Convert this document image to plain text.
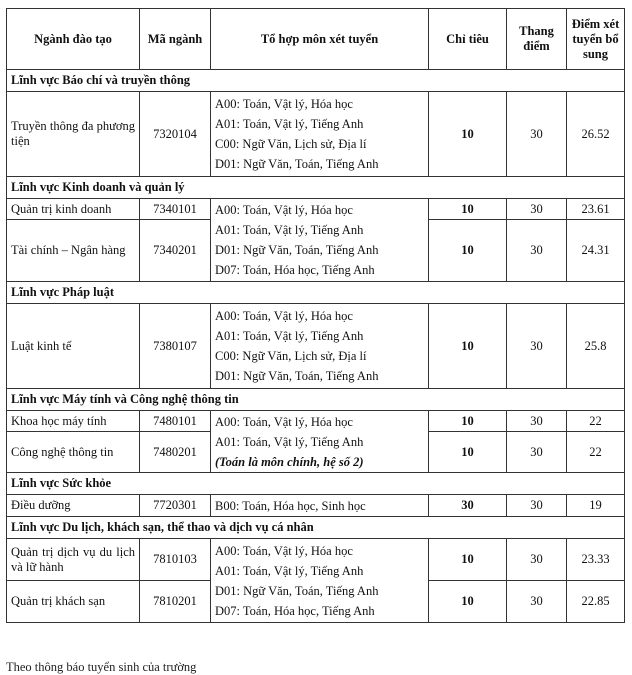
Ngành đào tạo	Mã ngành	Tổ hợp môn xét tuyển	Chỉ tiêu	Thang điểm	Điểm xét tuyển bổ sung
Lĩnh vực Báo chí và truyền thông					
Truyền thông đa phương tiện	7320104	A00: Toán, Vật lý, Hóa học
A01: Toán, Vật lý, Tiếng Anh
C00: Ngữ Văn, Lịch sử, Địa lí
D01: Ngữ Văn, Toán, Tiếng Anh	10	30	26.52
Lĩnh vực Kinh doanh và quản lý					
Quản trị kinh doanh	7340101	A00: Toán, Vật lý, Hóa học
A01: Toán, Vật lý, Tiếng Anh
D01: Ngữ Văn, Toán, Tiếng Anh
D07: Toán, Hóa học, Tiếng Anh	10	30	23.61
Tài chính – Ngân hàng	7340201		10	30	24.31
Lĩnh vực Pháp luật					
Luật kinh tế	7380107	A00: Toán, Vật lý, Hóa học
A01: Toán, Vật lý, Tiếng Anh
C00: Ngữ Văn, Lịch sử, Địa lí
D01: Ngữ Văn, Toán, Tiếng Anh	10	30	25.8
Lĩnh vực Máy tính và Công nghệ thông tin					
Khoa học máy tính	7480101	A00: Toán, Vật lý, Hóa học
A01: Toán, Vật lý, Tiếng Anh
(Toán là môn chính, hệ số 2)	10	30	22
Công nghệ thông tin	7480201		10	30	22
Lĩnh vực Sức khỏe					
Điều dưỡng	7720301	B00: Toán, Hóa học, Sinh học	30	30	19
Lĩnh vực Du lịch, khách sạn, thể thao và dịch vụ cá nhân					
Quản trị dịch vụ du lịch và lữ hành	7810103	A00: Toán, Vật lý, Hóa học
A01: Toán, Vật lý, Tiếng Anh
D01: Ngữ Văn, Toán, Tiếng Anh
D07: Toán, Hóa học, Tiếng Anh	10	30	23.33
Quản trị khách sạn	7810201		10	30	22.85
Theo thông báo tuyển sinh của trường
